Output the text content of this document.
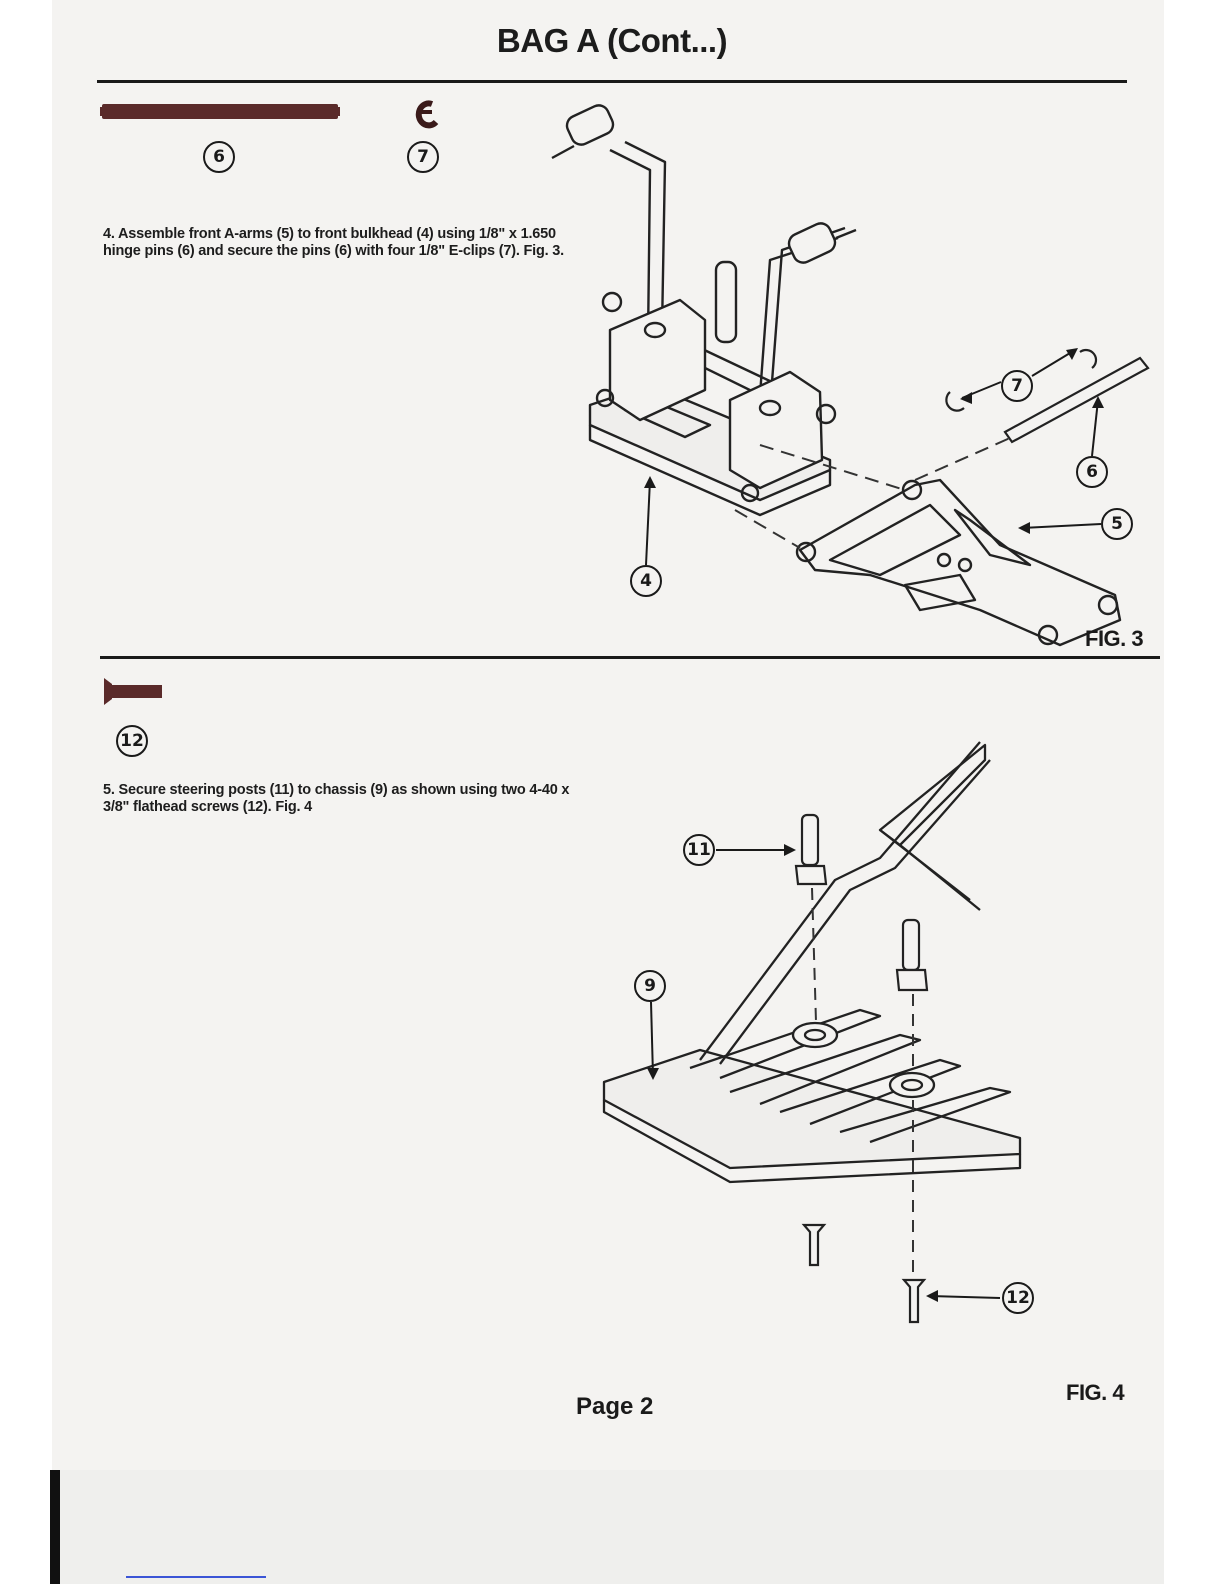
BAG A (Cont...)
6	7
12
7
6
5
4
11
9
12
4. Assemble front A-arms (5) to front bulkhead (4) using 1/8" x 1.650 hinge pins (6) and secure the pins (6) with four 1/8" E-clips (7). Fig. 3.
5. Secure steering posts (11) to chassis (9) as shown using two 4-40 x 3/8" flathead screws (12). Fig. 4
FIG. 3
FIG. 4
Page 2
